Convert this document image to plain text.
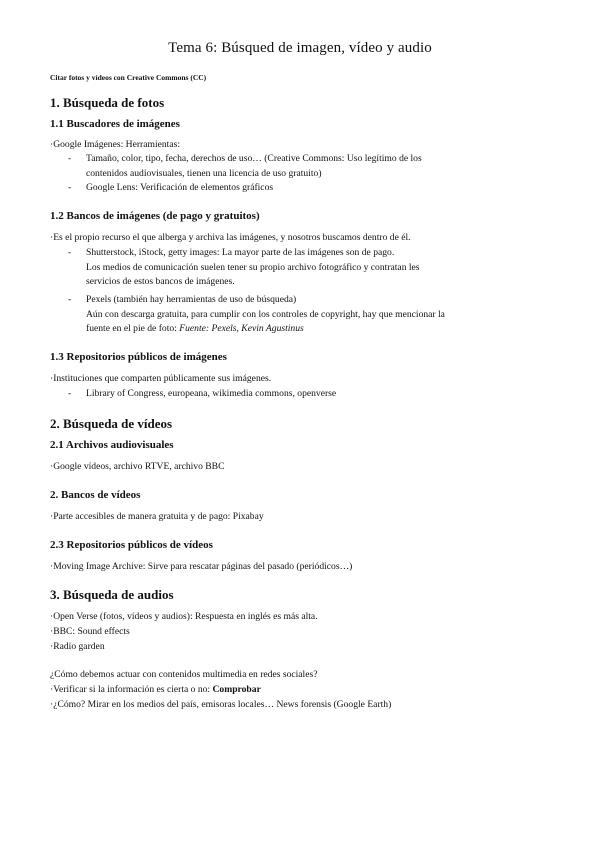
Tema 6: Búsqued de imagen, vídeo y audio
Citar fotos y vídeos con Creative Commons (CC)
1. Búsqueda de fotos
1.1 Buscadores de imágenes
·Google Imágenes: Herramientas:
- Tamaño, color, tipo, fecha, derechos de uso… (Creative Commons: Uso legítimo de los
contenidos audiovisuales, tienen una licencia de uso gratuito)
- Google Lens: Verificación de elementos gráficos
1.2 Bancos de imágenes (de pago y gratuitos)
·Es el propio recurso el que alberga y archiva las imágenes, y nosotros buscamos dentro de él.
- Shutterstock, iStock, getty images: La mayor parte de las imágenes son de pago.
Los medios de comunicación suelen tener su propio archivo fotográfico y contratan les
servicios de estos bancos de imágenes.
- Pexels (también hay herramientas de uso de búsqueda)
Aún con descarga gratuita, para cumplir con los controles de copyright, hay que mencionar la
fuente en el pie de foto: Fuente: Pexels, Kevin Agustinus
1.3 Repositorios públicos de imágenes
·Instituciones que comparten públicamente sus imágenes.
- Library of Congress, europeana, wikimedia commons, openverse
2. Búsqueda de vídeos
2.1 Archivos audiovisuales
·Google vídeos, archivo RTVE, archivo BBC
2. Bancos de vídeos
·Parte accesibles de manera gratuita y de pago: Pixabay
2.3 Repositorios públicos de vídeos
·Moving Image Archive: Sirve para rescatar páginas del pasado (periódicos…)
3. Búsqueda de audios
·Open Verse (fotos, vídeos y audios): Respuesta en inglés es más alta.
·BBC: Sound effects
·Radio garden
¿Cómo debemos actuar con contenidos multimedia en redes sociales?
·Verificar si la información es cierta o no: Comprobar
·¿Cómo? Mirar en los medios del país, emisoras locales… News forensis (Google Earth)
